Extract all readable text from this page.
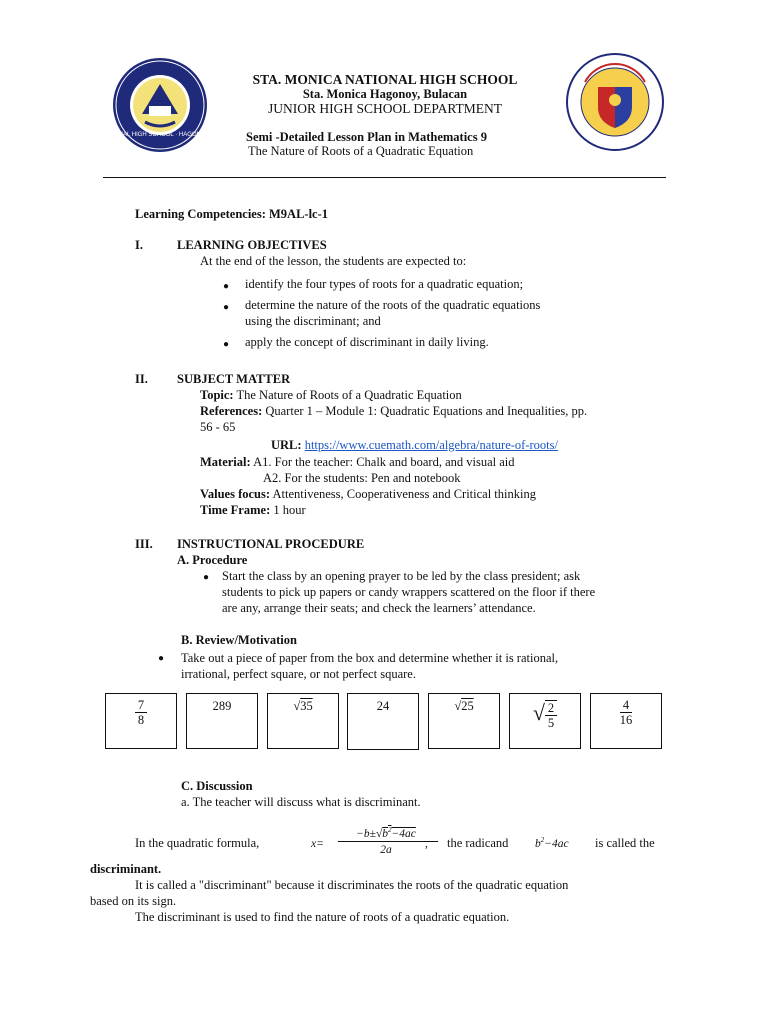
STA. MONICA NATIONAL HIGH SCHOOL · HAGONOY, BULACAN · 1992
STA. MONICA NATIONAL HIGH SCHOOL
Sta. Monica Hagonoy, Bulacan
JUNIOR HIGH SCHOOL DEPARTMENT
Semi -Detailed Lesson Plan in Mathematics 9
The Nature of Roots of a Quadratic Equation
Learning Competencies: M9AL-lc-1
I.	LEARNING OBJECTIVES
At the end of the lesson, the students are expected to:
● identify the four types of roots for a quadratic equation;
● determine the nature of the roots of the quadratic equations
using the discriminant; and
● apply the concept of discriminant in daily living.
II. SUBJECT MATTER
Topic: The Nature of Roots of a Quadratic Equation
References: Quarter 1 – Module 1: Quadratic Equations and Inequalities, pp.
56 - 65
URL: https://www.cuemath.com/algebra/nature-of-roots/
Material: A1. For the teacher: Chalk and board, and visual aid
A2. For the students: Pen and notebook
Values focus: Attentiveness, Cooperativeness and Critical thinking
Time Frame: 1 hour
III. INSTRUCTIONAL PROCEDURE
A. Procedure
● Start the class by an opening prayer to be led by the class president; ask
students to pick up papers or candy wrappers scattered on the floor if there
are any, arrange their seats; and check the learners’ attendance.
B. Review/Motivation
● Take out a piece of paper from the box and determine whether it is rational,
irrational, perfect square, or not perfect square.
$\frac{7}{8}$	289	√35	24	√25	$√\frac{2}{5}$	$\frac{4}{16}$
C. Discussion
a. The teacher will discuss what is discriminant.
In the quadratic formula,	x=
$-b\pm√b^2-4ac$
2a	, the radicand $b^2-4ac$ is called the
discriminant.
It is called a "discriminant" because it discriminates the roots of the quadratic equation
based on its sign.
The discriminant is used to find the nature of roots of a quadratic equation.
